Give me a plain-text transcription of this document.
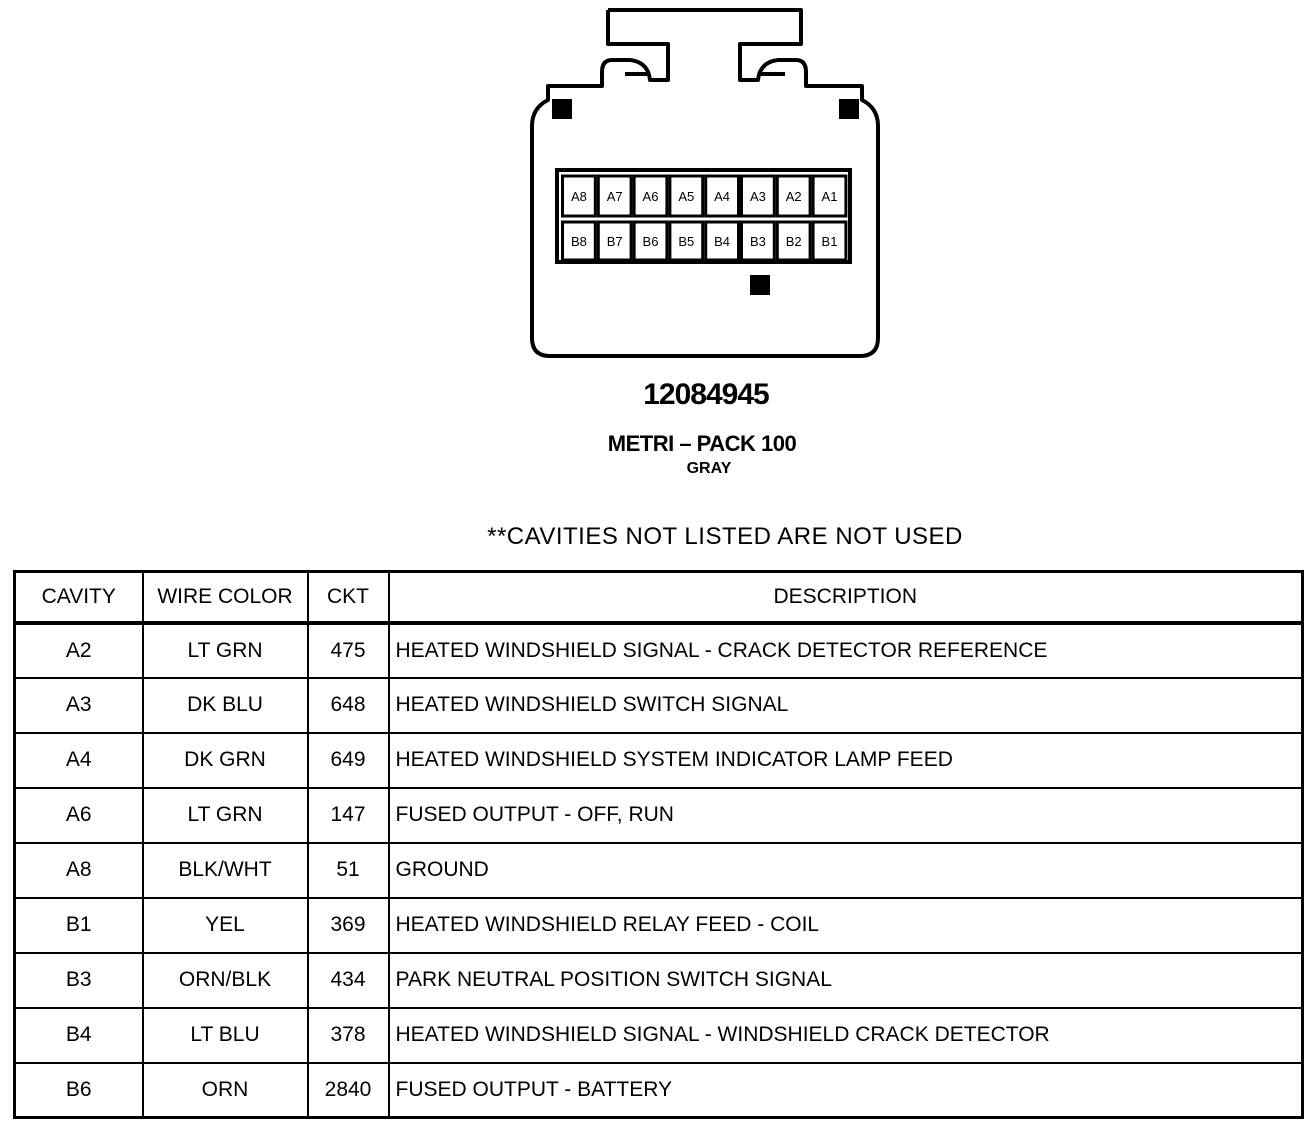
A8 A7 A6 A5 A4 A3 A2 A1
B8 B7 B6 B5 B4 B3 B2 B1
12084945
METRI – PACK 100
GRAY
**CAVITIES NOT LISTED ARE NOT USED
CAVITY	WIRE COLOR	CKT	DESCRIPTION
A2	LT GRN	475	HEATED WINDSHIELD SIGNAL - CRACK DETECTOR REFERENCE
A3	DK BLU	648	HEATED WINDSHIELD SWITCH SIGNAL
A4	DK GRN	649	HEATED WINDSHIELD SYSTEM INDICATOR LAMP FEED
A6	LT GRN	147	FUSED OUTPUT - OFF, RUN
A8	BLK/WHT	51	GROUND
B1	YEL	369	HEATED WINDSHIELD RELAY FEED - COIL
B3	ORN/BLK	434	PARK NEUTRAL POSITION SWITCH SIGNAL
B4	LT BLU	378	HEATED WINDSHIELD SIGNAL - WINDSHIELD CRACK DETECTOR
B6	ORN	2840	FUSED OUTPUT - BATTERY
